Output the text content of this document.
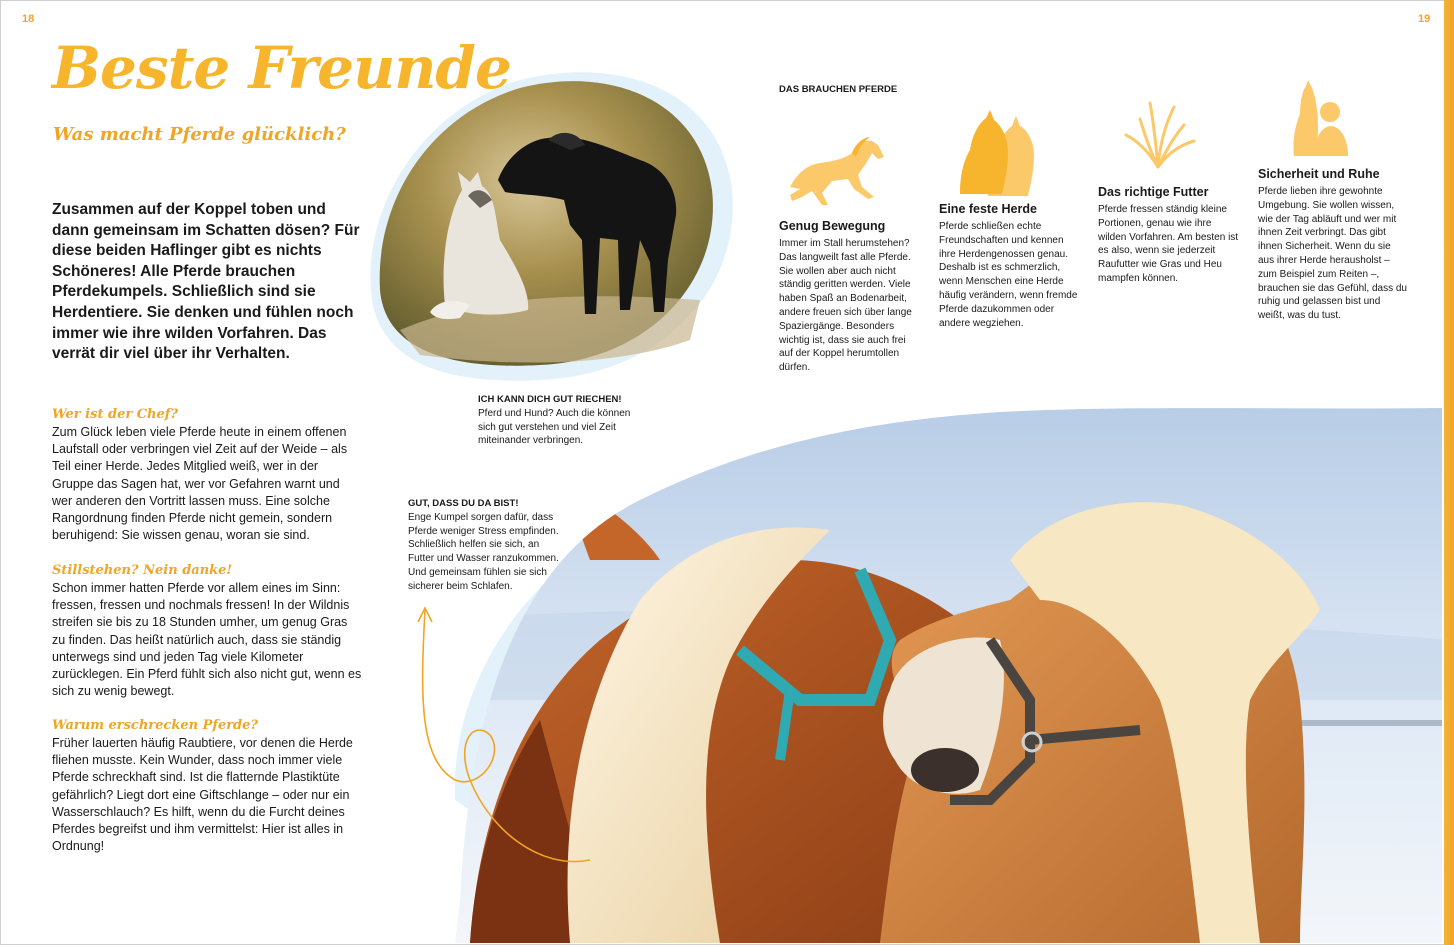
18	19
Beste Freunde
Was macht Pferde glücklich?

Zusammen auf der Koppel toben und dann gemeinsam im Schatten dösen? Für diese beiden Haflinger gibt es nichts Schöneres! Alle Pferde brauchen Pferdekumpels. Schließlich sind sie Herdentiere. Sie denken und fühlen noch immer wie ihre wilden Vorfahren. Das verrät dir viel über ihr Verhalten.

Wer ist der Chef?

Zum Glück leben viele Pferde heute in einem offenen Laufstall oder verbringen viel Zeit auf der Weide – als Teil einer Herde. Jedes Mitglied weiß, wer in der Gruppe das Sagen hat, wer vor Gefahren warnt und wer anderen den Vortritt lassen muss. Eine solche Rangordnung finden Pferde nicht gemein, sondern beruhigend: Sie wissen genau, woran sie sind.

Stillstehen? Nein danke!

Schon immer hatten Pferde vor allem eines im Sinn: fressen, fressen und nochmals fressen! In der Wildnis streifen sie bis zu 18 Stunden umher, um genug Gras zu finden. Das heißt natürlich auch, dass sie ständig unterwegs sind und jeden Tag viele Kilometer zurücklegen. Ein Pferd fühlt sich also nicht gut, wenn es sich zu wenig bewegt.

Warum erschrecken Pferde?

Früher lauerten häufig Raubtiere, vor denen die Herde fliehen musste. Kein Wunder, dass noch immer viele Pferde schreckhaft sind. Ist die flatternde Plastiktüte gefährlich? Liegt dort eine Giftschlange – oder nur ein Wasserschlauch? Es hilft, wenn du die Furcht deines Pferdes begreifst und ihm vermittelst: Hier ist alles in Ordnung!

ICH KANN DICH GUT RIECHEN!
Pferd und Hund? Auch die können sich gut verstehen und viel Zeit miteinander verbringen.
GUT, DASS DU DA BIST!
Enge Kumpel sorgen dafür, dass Pferde weniger Stress empfinden. Schließlich helfen sie sich, an Futter und Wasser ranzukommen. Und gemeinsam fühlen sie sich sicherer beim Schlafen.
DAS BRAUCHEN PFERDE
Genug Bewegung

Immer im Stall herumstehen? Das langweilt fast alle Pferde. Sie wollen aber auch nicht ständig geritten werden. Viele haben Spaß an Bodenarbeit, andere freuen sich über lange Spaziergänge. Besonders wichtig ist, dass sie auch frei auf der Koppel herumtollen dürfen.

Eine feste Herde

Pferde schließen echte Freundschaften und kennen ihre Herdengenossen genau. Deshalb ist es schmerzlich, wenn Menschen eine Herde häufig verändern, wenn fremde Pferde dazukommen oder andere wegziehen.

Das richtige Futter

Pferde fressen ständig kleine Portionen, genau wie ihre wilden Vorfahren. Am besten ist es also, wenn sie jederzeit Raufutter wie Gras und Heu mampfen können.

Sicherheit und Ruhe

Pferde lieben ihre gewohnte Umgebung. Sie wollen wissen, wie der Tag abläuft und wer mit ihnen Zeit verbringt. Das gibt ihnen Sicherheit. Wenn du sie aus ihrer Herde herausholst – zum Beispiel zum Reiten –, brauchen sie das Gefühl, dass du ruhig und gelassen bist und weißt, was du tust.
